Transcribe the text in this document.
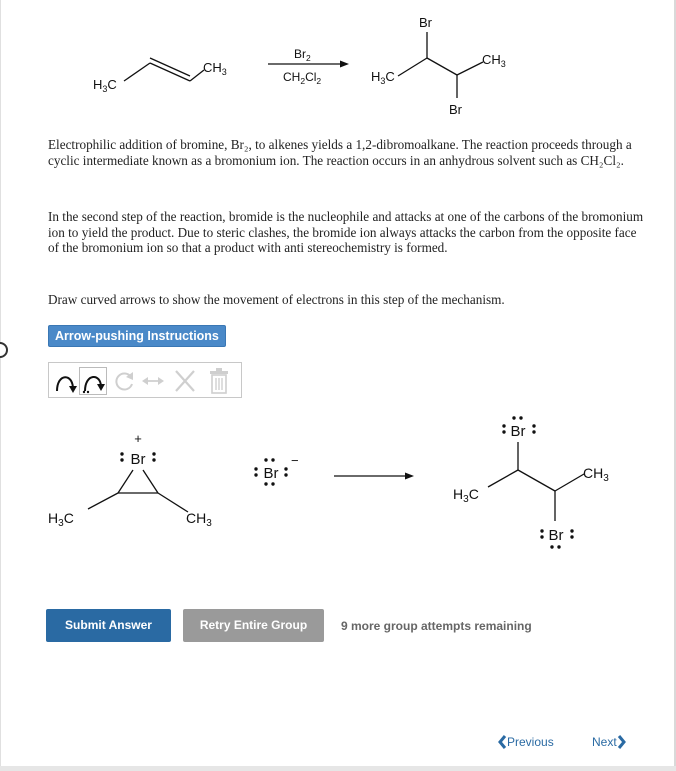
$H_3C$
$CH_3$
$Br_2$
$CH_2Cl_2$
Br
Br
$H_3C$
$CH_3$

Electrophilic addition of bromine, Br₂, to alkenes yields a 1,2-dibromoalkane. The reaction proceeds through a cyclic intermediate known as a bromonium ion. The reaction occurs in an anhydrous solvent such as CH₂Cl₂.

In the second step of the reaction, bromide is the nucleophile and attacks at one of the carbons of the bromonium ion to yield the product. Due to steric clashes, the bromide ion always attacks the carbon from the opposite face of the bromonium ion so that a product with anti stereochemistry is formed.

Draw curved arrows to show the movement of electrons in this step of the mechanism.

Arrow-pushing Instructions
+
Br
$H_3C$	$CH_3$
Br
−
Br
Br
$H_3C$
$CH_3$
Submit Answer	Retry Entire Group	9 more group attempts remaining
Previous	Next
